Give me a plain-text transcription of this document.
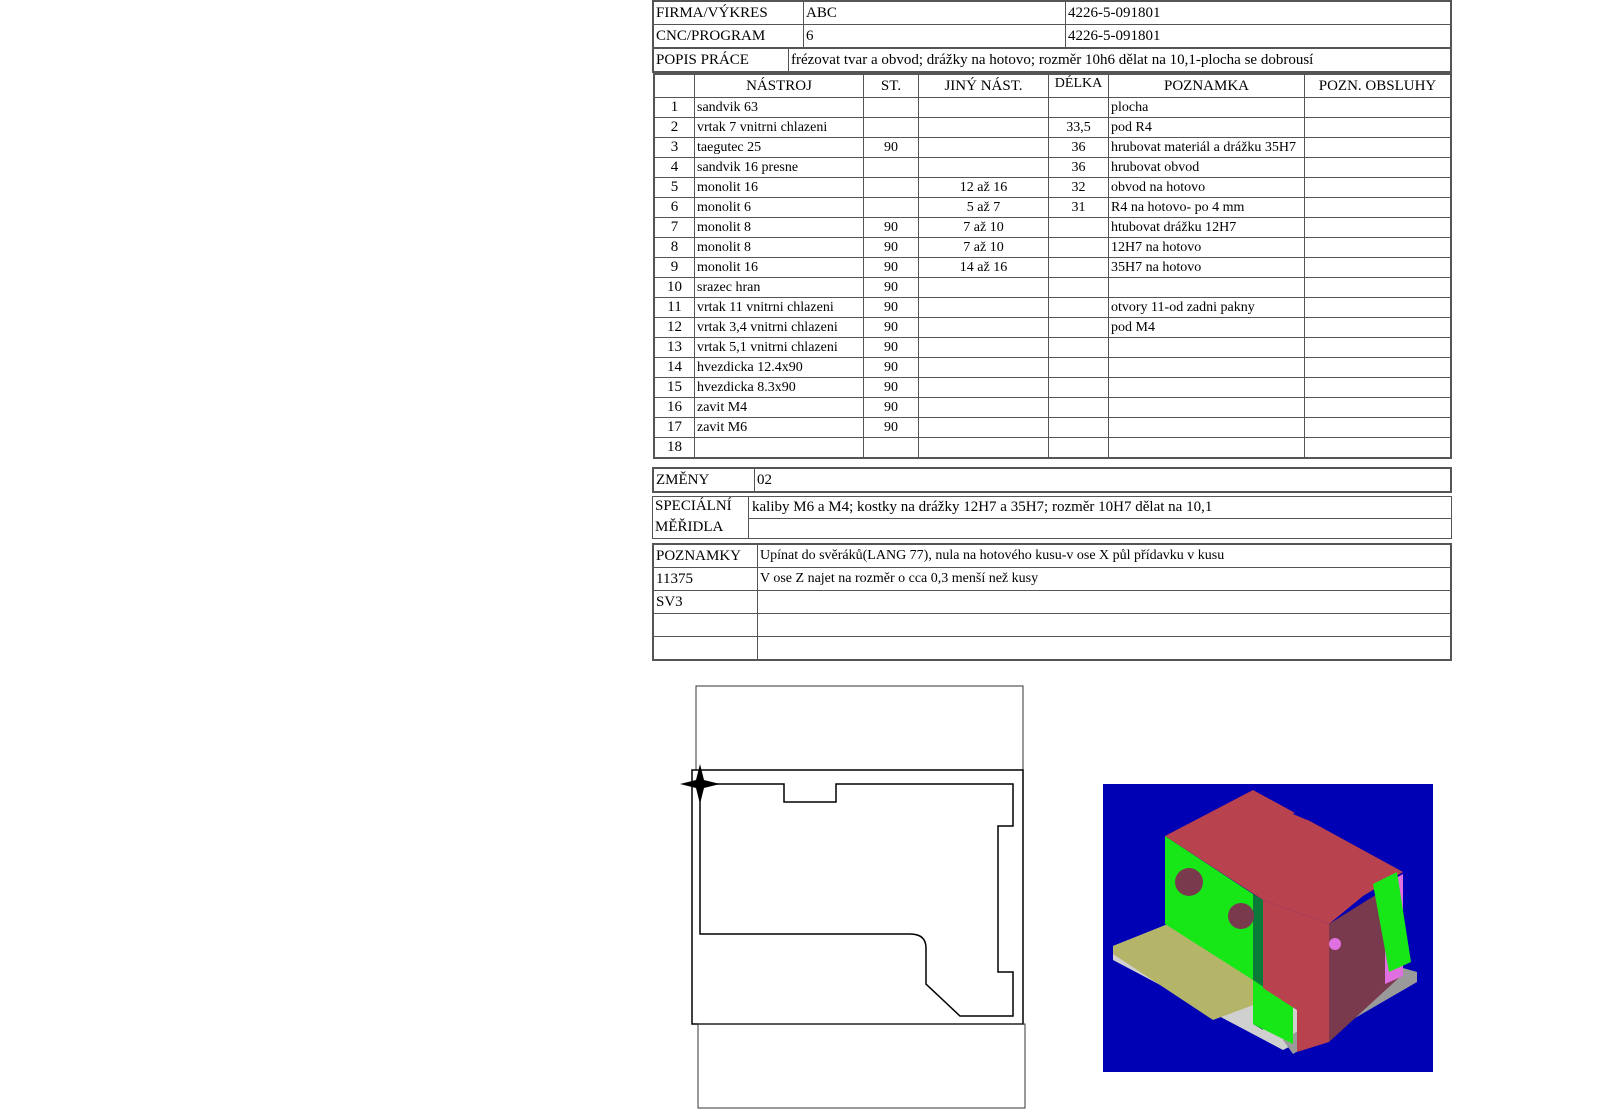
FIRMA/VÝKRES	ABC	4226-5-091801
CNC/PROGRAM	6	4226-5-091801
POPIS PRÁCE	frézovat tvar a obvod; drážky na hotovo; rozměr 10h6 dělat na 10,1-plocha se dobrousí
	NÁSTROJ	ST.	JINÝ NÁST.	DÉLKA	POZNAMKA	POZN. OBSLUHY
1	sandvik 63				plocha	
2	vrtak 7 vnitrni chlazeni			33,5	pod R4	
3	taegutec 25	90		36	hrubovat materiál a drážku 35H7	
4	sandvik 16 presne			36	hrubovat obvod	
5	monolit 16		12 až 16	32	obvod na hotovo	
6	monolit 6		5 až 7	31	R4 na hotovo- po 4 mm	
7	monolit 8	90	7 až 10		htubovat drážku 12H7	
8	monolit 8	90	7 až 10		12H7 na hotovo	
9	monolit 16	90	14 až 16		35H7 na hotovo	
10	srazec hran	90				
11	vrtak 11 vnitrni chlazeni	90			otvory 11-od zadni pakny	
12	vrtak 3,4 vnitrni chlazeni	90			pod M4	
13	vrtak 5,1 vnitrni chlazeni	90				
14	hvezdicka 12.4x90	90				
15	hvezdicka 8.3x90	90				
16	zavit M4	90				
17	zavit M6	90				
18						
ZMĚNY	02
SPECIÁLNÍ
MĚŘIDLA
kaliby M6 a M4; kostky na drážky 12H7 a 35H7; rozměr 10H7 dělat na 10,1
POZNAMKY	Upínat do svěráků(LANG 77), nula na hotového kusu-v ose X půl přídavku v kusu
11375	V ose Z najet na rozměr o cca 0,3 menší než kusy
SV3	
